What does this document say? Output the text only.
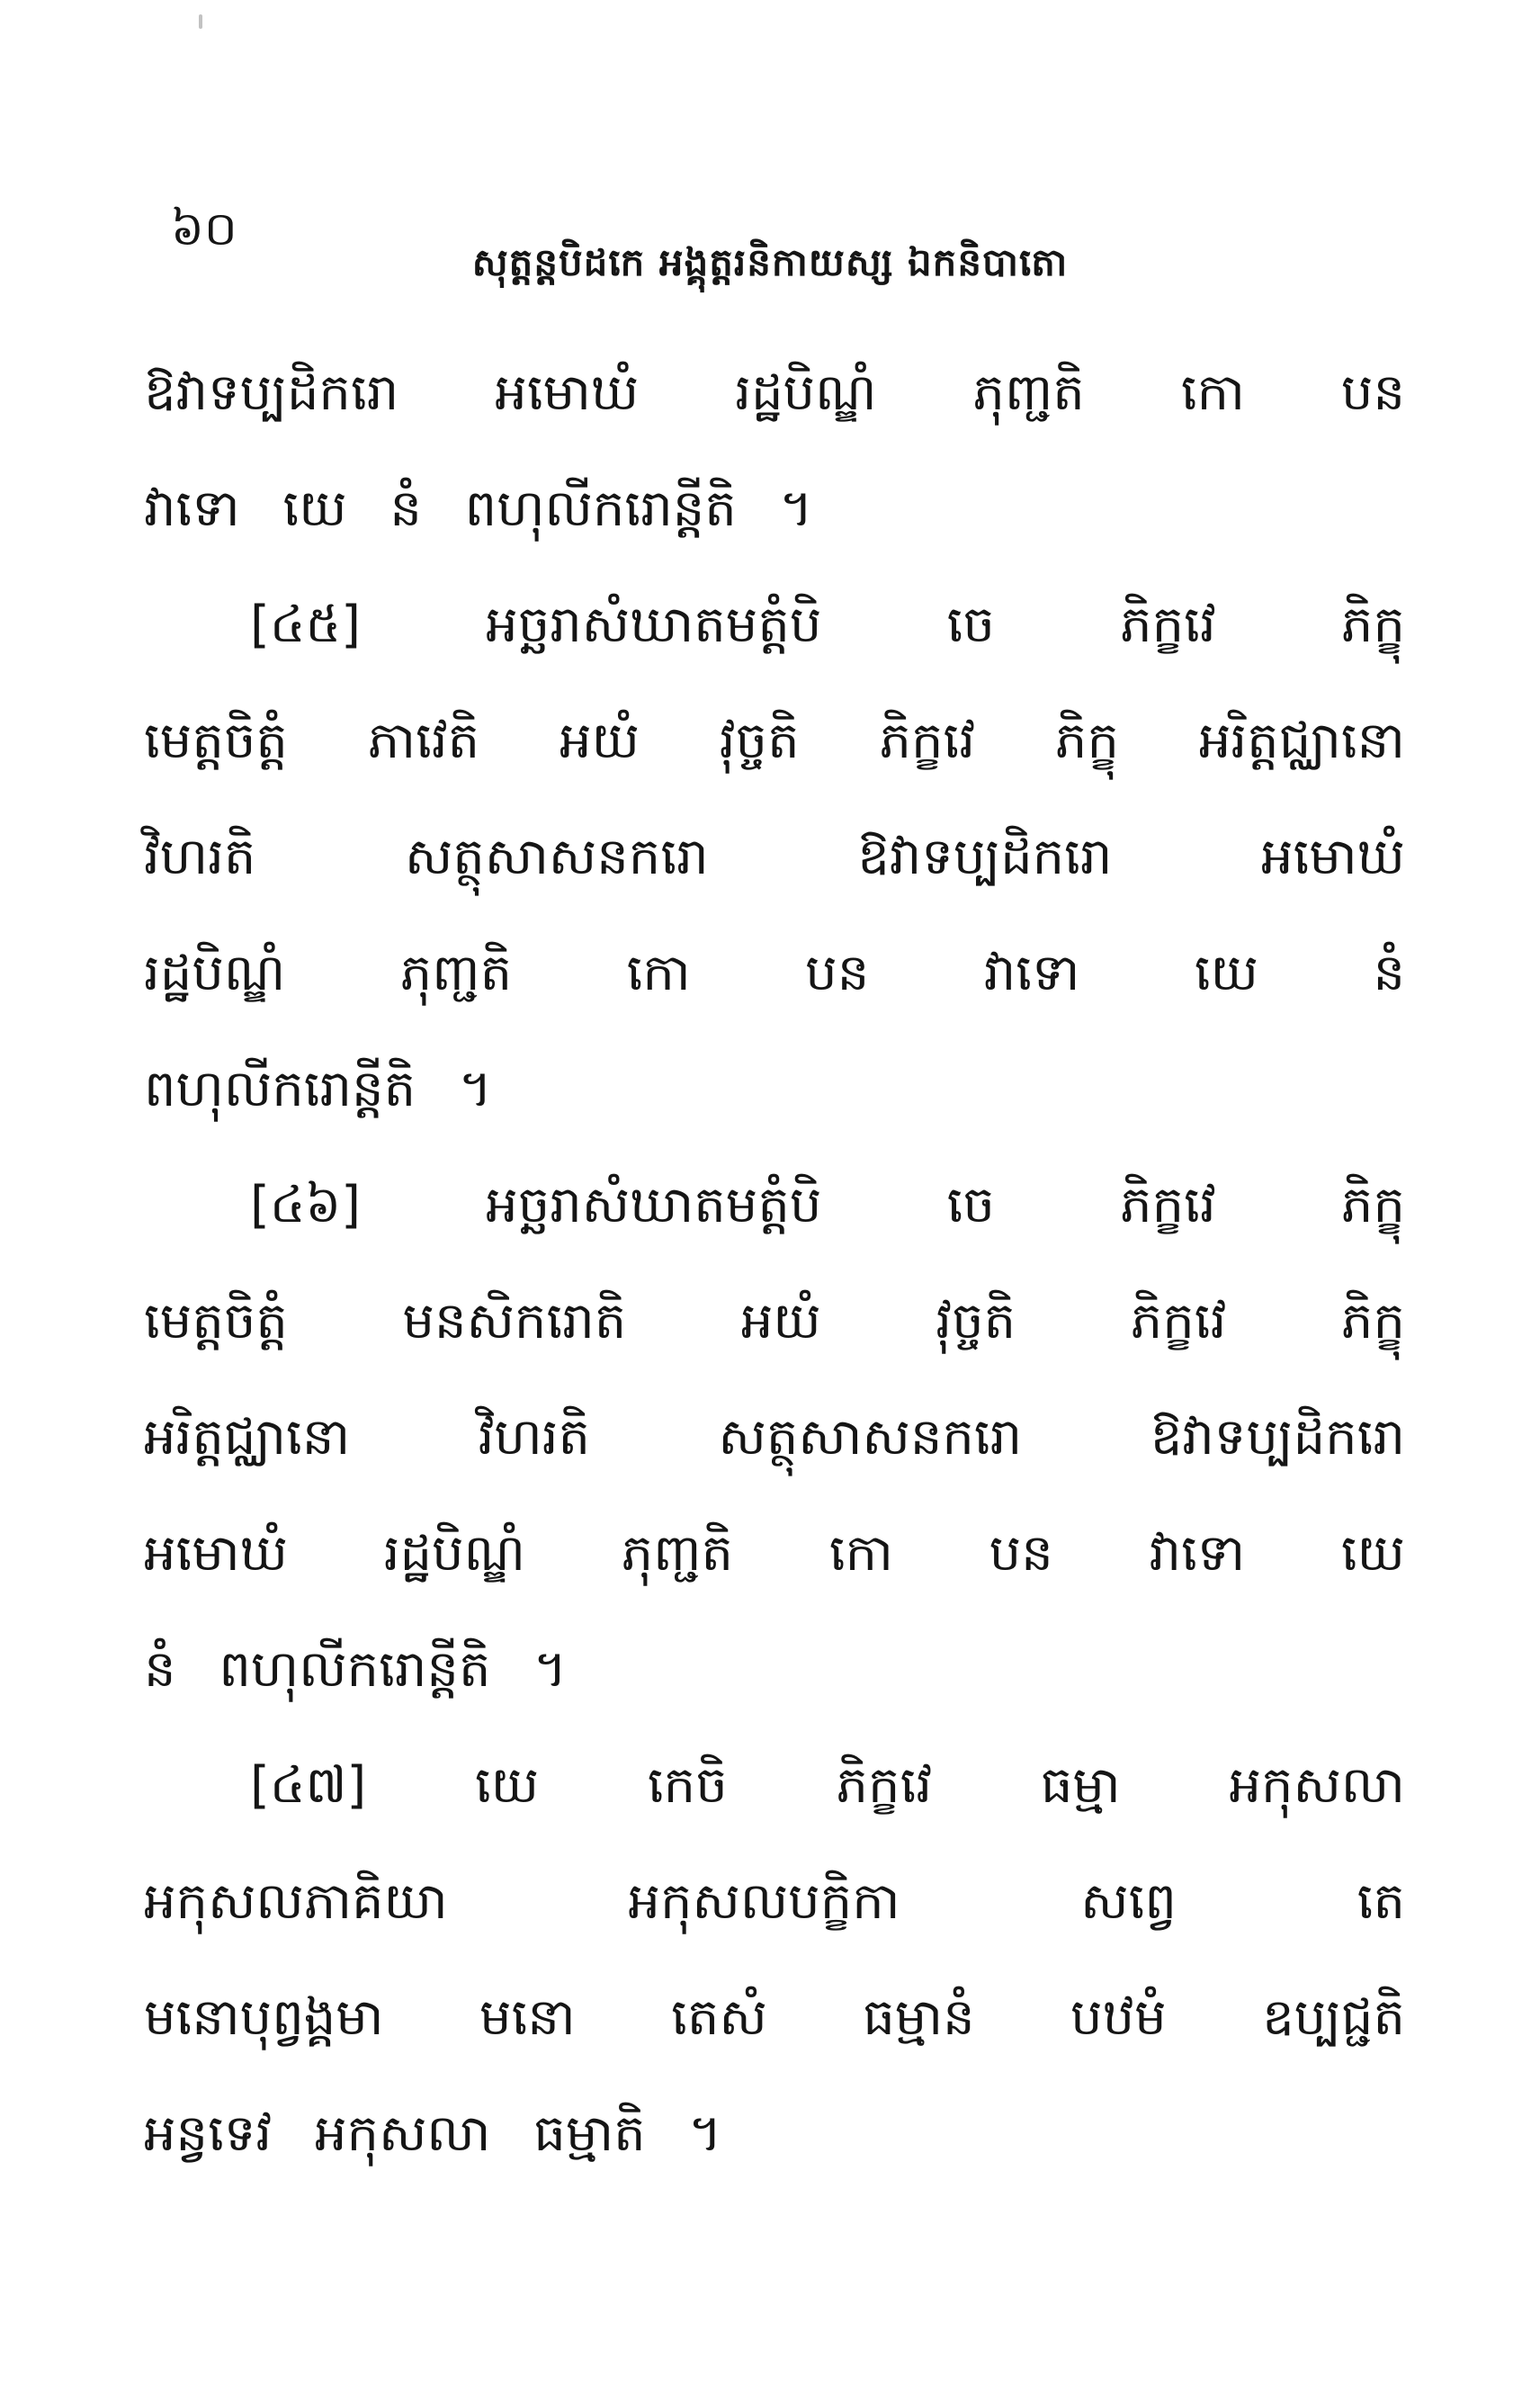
៦០
សុត្តន្តបិដកេ អង្គុត្តរនិកាយស្ស ឯកនិបាតោ
ឱវាទប្បដិករោ អមោឃំ រដ្ឋបិណ្ឌំ ភុញ្ជតិ កោ បន
វាទោ យេ នំ ពហុលីករោន្តីតិ ។
[៤៥] អច្ឆរាសំឃាតមត្តំបិ ចេ ភិក្ខវេ ភិក្ខុ
មេត្តចិត្តំ ភាវេតិ អយំ វុច្ចតិ ភិក្ខវេ ភិក្ខុ អរិត្តជ្ឈានោ
វិហរតិ សត្ថុសាសនករោ ឱវាទប្បដិករោ អមោឃំ
រដ្ឋបិណ្ឌំ ភុញ្ជតិ កោ បន វាទោ យេ នំ
ពហុលីករោន្តីតិ ។
[៤៦] អច្ឆរាសំឃាតមត្តំបិ ចេ ភិក្ខវេ ភិក្ខុ
មេត្តចិត្តំ មនសិករោតិ អយំ វុច្ចតិ ភិក្ខវេ ភិក្ខុ
អរិត្តជ្ឈានោ វិហរតិ សត្ថុសាសនករោ ឱវាទប្បដិករោ
អមោឃំ រដ្ឋបិណ្ឌំ ភុញ្ជតិ កោ បន វាទោ យេ
នំ ពហុលីករោន្តីតិ ។
[៤៧] យេ កេចិ ភិក្ខវេ ធម្មា អកុសលា
អកុសលភាគិយា អកុសលបក្ខិកា សព្វេ តេ
មនោបុព្វង្គមា មនោ តេសំ ធម្មានំ បឋមំ ឧប្បជ្ជតិ
អន្វទេវ អកុសលា ធម្មាតិ ។
